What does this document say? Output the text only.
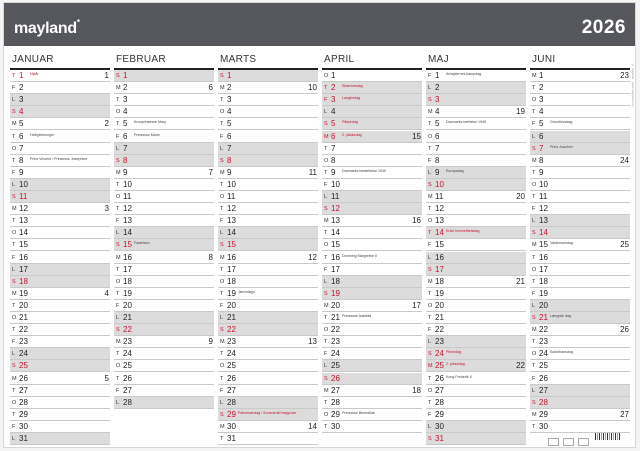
mayland*	2026
JANUAR
T 1 Nytår	1
F 2
L 3
S 4
M 5	2
T 6 Helligtrekonger
O 7
T 8 Prins Vincent / Prinsesse Josephine
F 9
L 10
S 11
M 12	3
T 13
O 14
T 15
F 16
L 17
S 18
M 19	4
T 20
O 21
T 22
F 23
L 24
S 25
M 26	5
T 27
O 28
T 29
F 30
L 31
FEBRUAR
S 1
M 2	6
T 3
O 4
T 5 Kronprinsesse Mary
F 6 Prinsesse Marie
L 7
S 8
M 9	7
T 10
O 11
T 12
F 13
L 14
S 15 Fastelavn
M 16	8
T 17
O 18
T 19
F 20
L 21
S 22
M 23	9
T 24
O 25
T 26
F 27
L 28
MARTS
S 1
M 2	10
T 3
O 4
T 5
F 6
L 7
S 8
M 9	11
T 10
O 11
T 12
F 13
L 14
S 15
M 16	12
T 17
O 18
T 19 Jævndøgn
F 20
L 21
S 22
M 23	13
T 24
O 25
T 26
F 27
L 28
S 29 Palmesøndag / Sommertid begynder
M 30	14
T 31
APRIL
O 1
T 2 Skærtorsdag
F 3 Langfredag
L 4
S 5 Påskedag
M 6 2. påskedag	15
T 7
O 8
T 9 Danmarks besættelse 1940
F 10
L 11
S 12
M 13	16
T 14
O 15
T 16 Dronning Margrethe II
F 17
L 18
S 19
M 20	17
T 21 Prinsesse Isabella
O 22
T 23
F 24
L 25
S 26
M 27	18
T 28
O 29 Prinsesse Benedikte
T 30
MAJ
F 1 Arbejdernes kampdag
L 2
S 3
M 4	19
T 5 Danmarks befrielse 1945
O 6
T 7
F 8
L 9 Europadag
S 10
M 11	20
T 12
O 13
T 14 Kristi himmelfartsdag
F 15
L 16
S 17
M 18	21
T 19
O 20
T 21
F 22
L 23
S 24 Pinsedag
M 25 2. pinsedag	22
T 26 Kong Frederik X
O 27
T 28
F 29
L 30
S 31
JUNI
M 1	23
T 2
O 3
T 4
F 5 Grundlovsdag
L 6
S 7 Prins Joachim
M 8	24
T 9
O 10
T 11
F 12
L 13
S 14
M 15 Valdemarsdag	25
T 16
O 17
T 18
F 19
L 20
S 21 Længste dag
M 22	26
T 23
O 24 Sankthansdag
T 25
F 26
L 27
S 28
M 29	27
T 30
© mayland · www.mayland.com
